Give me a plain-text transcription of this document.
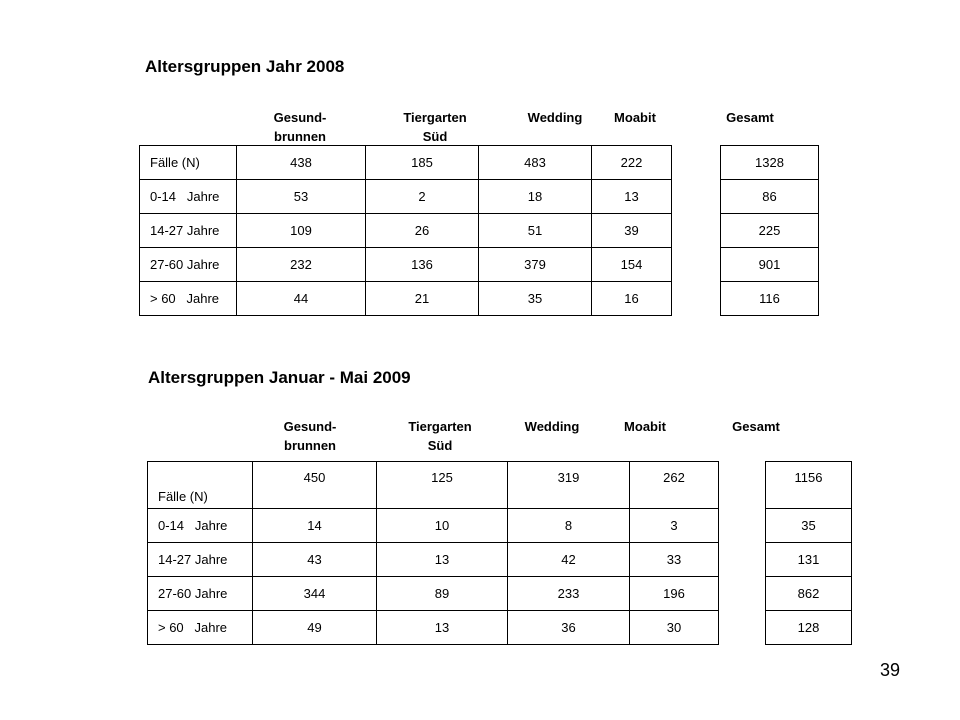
Altersgruppen Jahr 2008
Gesund-
brunnen
Tiergarten
Süd
Wedding	Moabit	Gesamt
Fälle (N)	438	185	483	222		1328
0-14   Jahre	53	2	18	13		86
14-27 Jahre	109	26	51	39		225
27-60 Jahre	232	136	379	154		901
> 60   Jahre	44	21	35	16		116
Altersgruppen Januar - Mai 2009
Gesund-
brunnen
Tiergarten
Süd
Wedding	Moabit	Gesamt
Fälle (N)	450	125	319	262		1156
0-14   Jahre	14	10	8	3		35
14-27 Jahre	43	13	42	33		131
27-60 Jahre	344	89	233	196		862
> 60   Jahre	49	13	36	30		128
39
